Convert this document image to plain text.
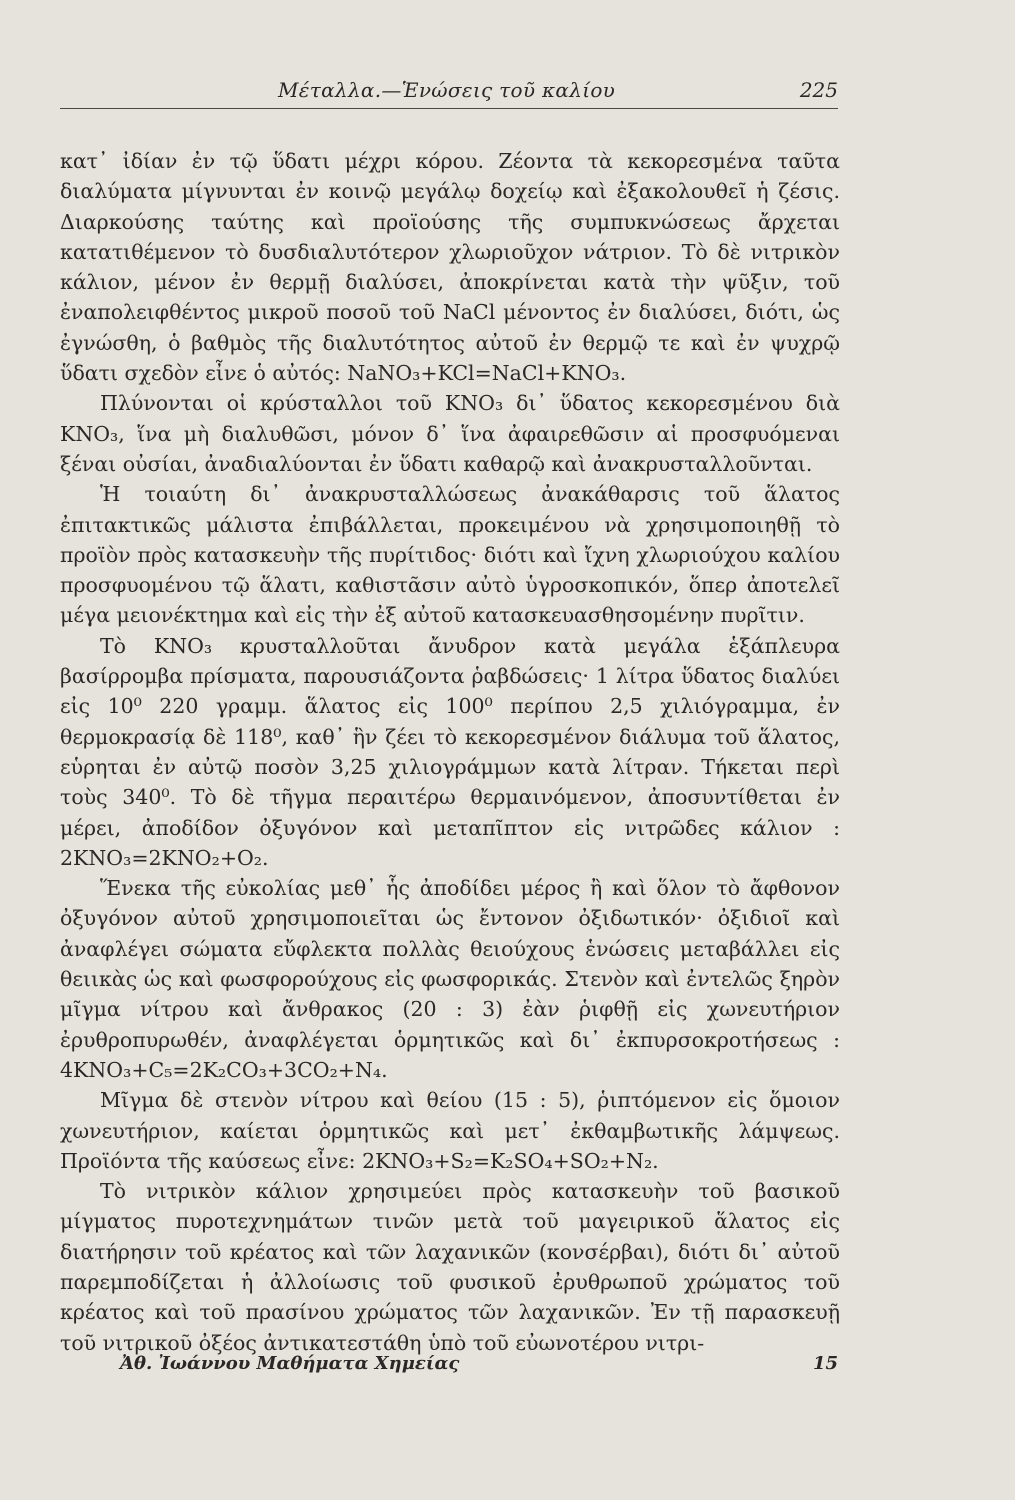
Μέταλλα.—Ἑνώσεις τοῦ καλίου	225

κατ᾽ ἰδίαν ἐν τῷ ὕδατι μέχρι κόρου. Ζέοντα τὰ κεκορεσμένα ταῦτα διαλύματα μίγνυνται ἐν κοινῷ μεγάλῳ δοχείῳ καὶ ἐξακολουθεῖ ἡ ζέσις. Διαρκούσης ταύτης καὶ προϊούσης τῆς συμπυκνώσεως ἄρχεται κατατιθέμενον τὸ δυσδιαλυτότερον χλωριοῦχον νάτριον. Τὸ δὲ νιτρικὸν κάλιον, μένον ἐν θερμῇ διαλύσει, ἀποκρίνεται κατὰ τὴν ψῦξιν, τοῦ ἐναπολειφθέντος μικροῦ ποσοῦ τοῦ NaCl μένοντος ἐν διαλύσει, διότι, ὡς ἐγνώσθη, ὁ βαθμὸς τῆς διαλυτότητος αὐτοῦ ἐν θερμῷ τε καὶ ἐν ψυχρῷ ὕδατι σχεδὸν εἶνε ὁ αὐτός: NaNO₃+KCl=NaCl+KNO₃.

Πλύνονται οἱ κρύσταλλοι τοῦ KNO₃ δι᾽ ὕδατος κεκορεσμένου διὰ KNO₃, ἵνα μὴ διαλυθῶσι, μόνον δ᾽ ἵνα ἀφαιρεθῶσιν αἱ προσφυόμεναι ξέναι οὐσίαι, ἀναδιαλύονται ἐν ὕδατι καθαρῷ καὶ ἀνακρυσταλλοῦνται.

Ἡ τοιαύτη δι᾽ ἀνακρυσταλλώσεως ἀνακάθαρσις τοῦ ἅλατος ἐπιτακτικῶς μάλιστα ἐπιβάλλεται, προκειμένου νὰ χρησιμοποιηθῇ τὸ προϊὸν πρὸς κατασκευὴν τῆς πυρίτιδος· διότι καὶ ἴχνη χλωριούχου καλίου προσφυομένου τῷ ἅλατι, καθιστᾶσιν αὐτὸ ὑγροσκοπικόν, ὅπερ ἀποτελεῖ μέγα μειονέκτημα καὶ εἰς τὴν ἐξ αὐτοῦ κατασκευασθησομένην πυρῖτιν.

Τὸ KNO₃ κρυσταλλοῦται ἄνυδρον κατὰ μεγάλα ἑξάπλευρα βασίρρομβα πρίσματα, παρουσιάζοντα ῥαβδώσεις· 1 λίτρα ὕδατος διαλύει εἰς 10⁰ 220 γραμμ. ἅλατος εἰς 100⁰ περίπου 2,5 χιλιόγραμμα, ἐν θερμοκρασίᾳ δὲ 118⁰, καθ᾽ ἣν ζέει τὸ κεκορεσμένον διάλυμα τοῦ ἅλατος, εὑρηται ἐν αὐτῷ ποσὸν 3,25 χιλιογράμμων κατὰ λίτραν. Τήκεται περὶ τοὺς 340⁰. Τὸ δὲ τῆγμα περαιτέρω θερμαινόμενον, ἀποσυντίθεται ἐν μέρει, ἀποδίδον ὀξυγόνον καὶ μεταπῖπτον εἰς νιτρῶδες κάλιον : 2KNO₃=2KNO₂+O₂.

Ἕνεκα τῆς εὐκολίας μεθ᾽ ἧς ἀποδίδει μέρος ἢ καὶ ὅλον τὸ ἄφθονον ὀξυγόνον αὐτοῦ χρησιμοποιεῖται ὡς ἔντονον ὀξιδωτικόν· ὀξιδιοῖ καὶ ἀναφλέγει σώματα εὔφλεκτα πολλὰς θειούχους ἑνώσεις μεταβάλλει εἰς θειικὰς ὡς καὶ φωσφορούχους εἰς φωσφορικάς. Στενὸν καὶ ἐντελῶς ξηρὸν μῖγμα νίτρου καὶ ἄνθρακος (20 : 3) ἐὰν ῥιφθῇ εἰς χωνευτήριον ἐρυθροπυρωθέν, ἀναφλέγεται ὁρμητικῶς καὶ δι᾽ ἐκπυρσοκροτήσεως : 4KNO₃+C₅=2K₂CO₃+3CO₂+N₄.

Μῖγμα δὲ στενὸν νίτρου καὶ θείου (15 : 5), ῥιπτόμενον εἰς ὅμοιον χωνευτήριον, καίεται ὁρμητικῶς καὶ μετ᾽ ἐκθαμβωτικῆς λάμψεως. Προϊόντα τῆς καύσεως εἶνε: 2KNO₃+S₂=K₂SO₄+SO₂+N₂.

Τὸ νιτρικὸν κάλιον χρησιμεύει πρὸς κατασκευὴν τοῦ βασικοῦ μίγματος πυροτεχνημάτων τινῶν μετὰ τοῦ μαγειρικοῦ ἅλατος εἰς διατήρησιν τοῦ κρέατος καὶ τῶν λαχανικῶν (κονσέρβαι), διότι δι᾽ αὐτοῦ παρεμποδίζεται ἡ ἀλλοίωσις τοῦ φυσικοῦ ἐρυθρωποῦ χρώματος τοῦ κρέατος καὶ τοῦ πρασίνου χρώματος τῶν λαχανικῶν. Ἐν τῇ παρασκευῇ τοῦ νιτρικοῦ ὀξέος ἀντικατεστάθη ὑπὸ τοῦ εὐωνοτέρου νιτρι-

Ἀθ. Ἰωάννου Μαθήματα Χημείας	15
